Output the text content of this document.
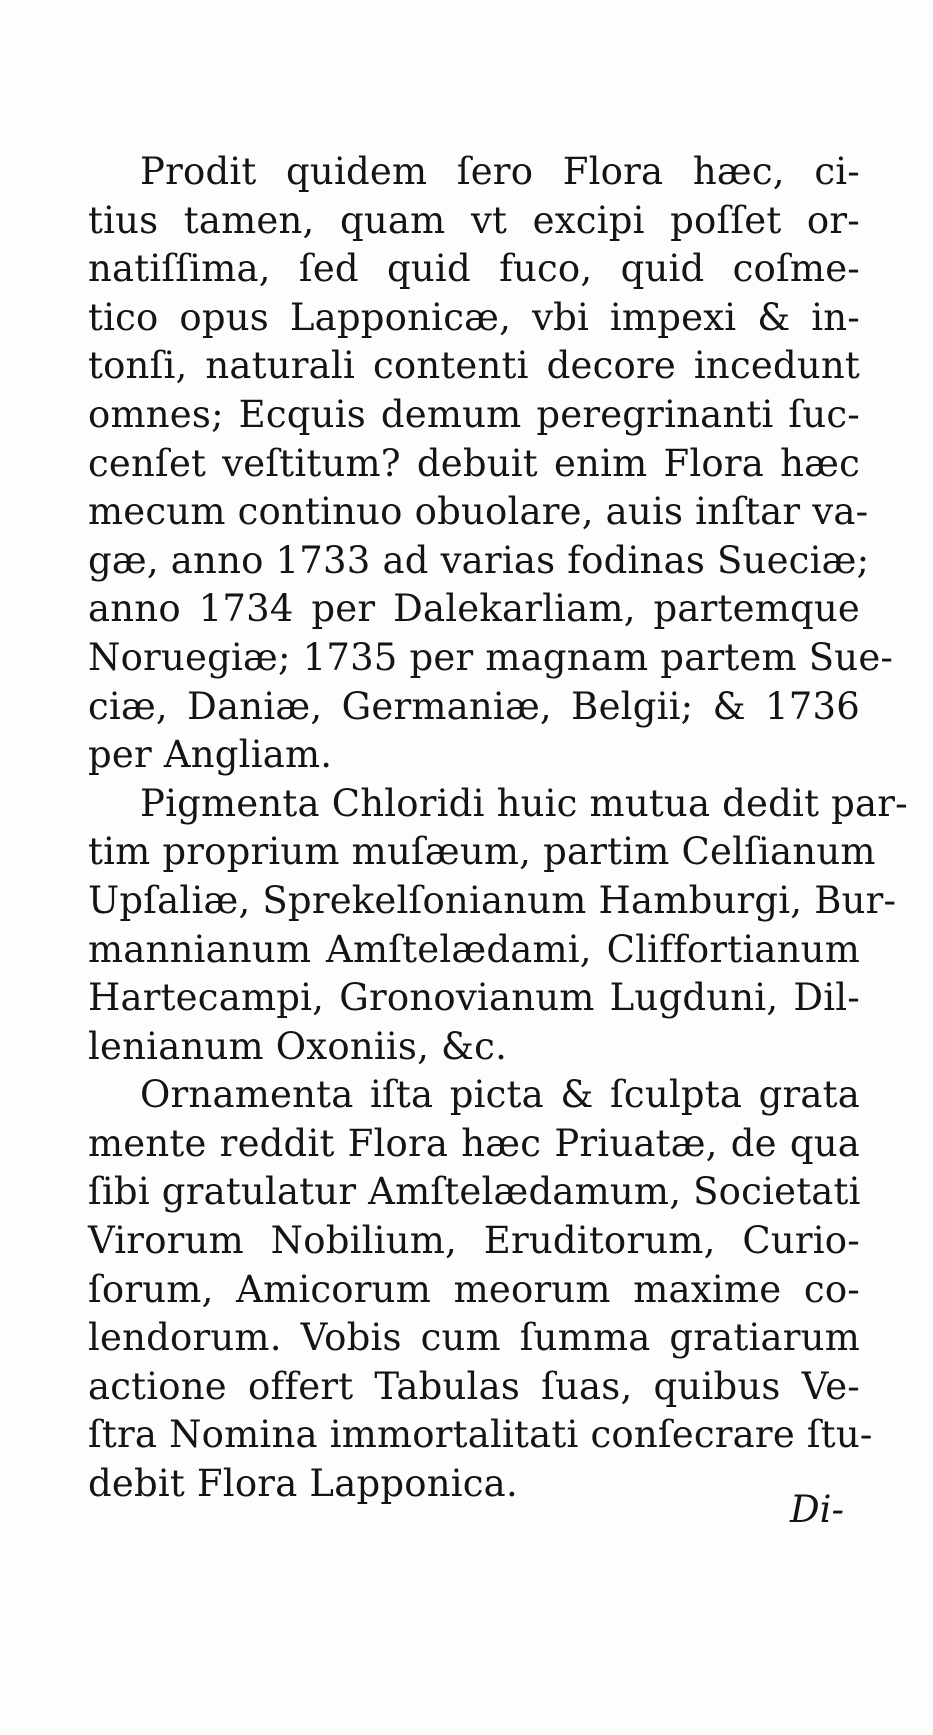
Prodit quidem ſero Flora hæc, ci-
tius tamen, quam vt excipi poſſet or-
natiſſima, ſed quid fuco, quid coſme-
tico opus Lapponicæ, vbi impexi & in-
tonſi, naturali contenti decore incedunt
omnes; Ecquis demum peregrinanti ſuc-
cenſet veſtitum? debuit enim Flora hæc
mecum continuo obuolare, auis inſtar va-
gæ, anno 1733 ad varias fodinas Sueciæ;
anno 1734 per Dalekarliam, partemque
Noruegiæ; 1735 per magnam partem Sue-
ciæ, Daniæ, Germaniæ, Belgii; & 1736
per Angliam.
Pigmenta Chloridi huic mutua dedit par-
tim proprium muſæum, partim Celſianum
Upſaliæ, Sprekelſonianum Hamburgi, Bur-
mannianum Amſtelædami, Cliffortianum
Hartecampi, Gronovianum Lugduni, Dil-
lenianum Oxoniis, &c.
Ornamenta iſta picta & ſculpta grata
mente reddit Flora hæc Priuatæ, de qua
ſibi gratulatur Amſtelædamum, Societati
Virorum Nobilium, Eruditorum, Curio-
ſorum, Amicorum meorum maxime co-
lendorum. Vobis cum ſumma gratiarum
actione offert Tabulas ſuas, quibus Ve-
ſtra Nomina immortalitati conſecrare ſtu-
debit Flora Lapponica.
Di-
